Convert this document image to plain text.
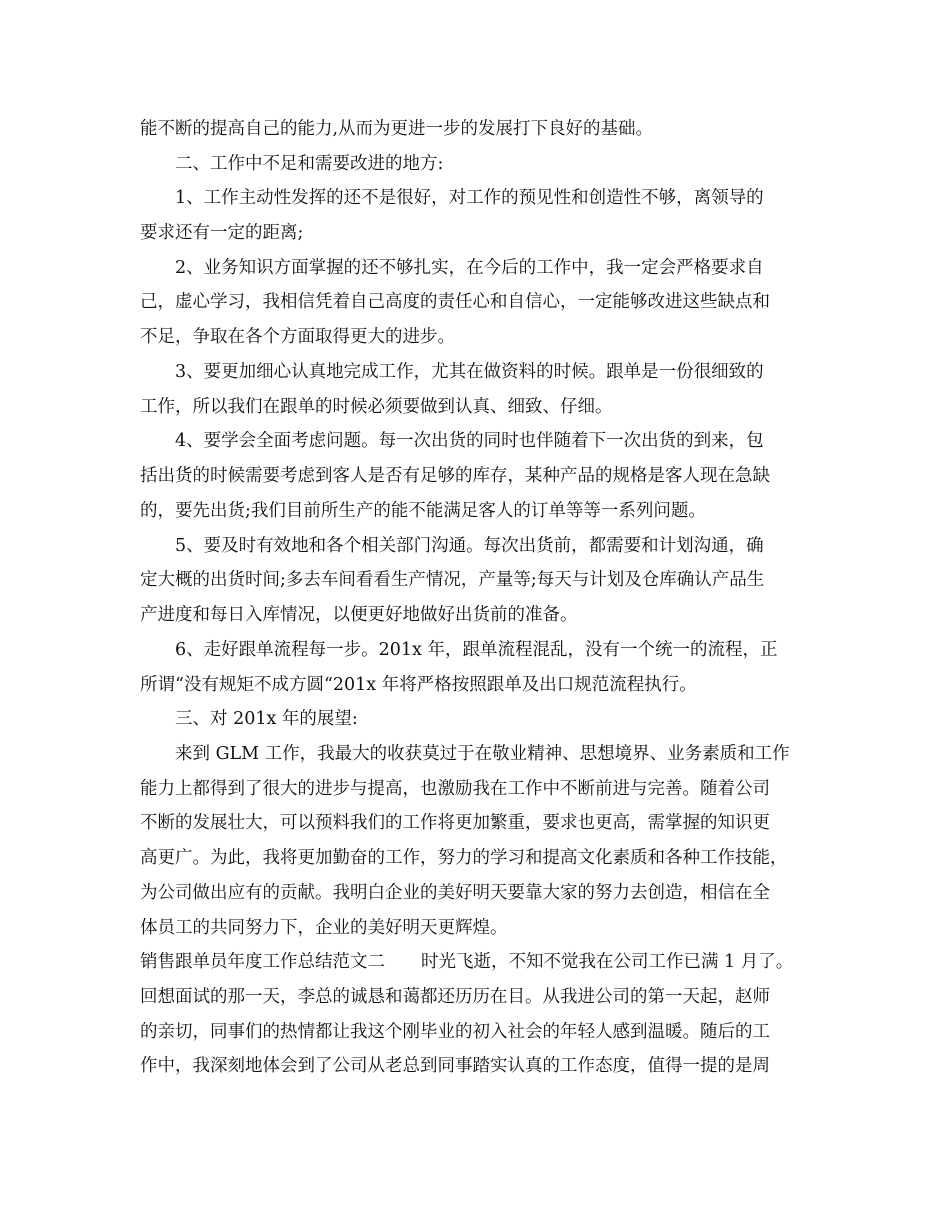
能不断的提高自己的能力,从而为更进一步的发展打下良好的基础。
二、工作中不足和需要改进的地方:
1、工作主动性发挥的还不是很好，对工作的预见性和创造性不够，离领导的
要求还有一定的距离;
2、业务知识方面掌握的还不够扎实，在今后的工作中，我一定会严格要求自
己，虚心学习，我相信凭着自己高度的责任心和自信心，一定能够改进这些缺点和
不足，争取在各个方面取得更大的进步。
3、要更加细心认真地完成工作，尤其在做资料的时候。跟单是一份很细致的
工作，所以我们在跟单的时候必须要做到认真、细致、仔细。
4、要学会全面考虑问题。每一次出货的同时也伴随着下一次出货的到来，包
括出货的时候需要考虑到客人是否有足够的库存，某种产品的规格是客人现在急缺
的，要先出货;我们目前所生产的能不能满足客人的订单等等一系列问题。
5、要及时有效地和各个相关部门沟通。每次出货前，都需要和计划沟通，确
定大概的出货时间;多去车间看看生产情况，产量等;每天与计划及仓库确认产品生
产进度和每日入库情况，以便更好地做好出货前的准备。
6、走好跟单流程每一步。201x 年，跟单流程混乱，没有一个统一的流程，正
所谓“没有规矩不成方圆“201x 年将严格按照跟单及出口规范流程执行。
三、对 201x 年的展望:
来到 GLM 工作，我最大的收获莫过于在敬业精神、思想境界、业务素质和工作
能力上都得到了很大的进步与提高，也激励我在工作中不断前进与完善。随着公司
不断的发展壮大，可以预料我们的工作将更加繁重，要求也更高，需掌握的知识更
高更广。为此，我将更加勤奋的工作，努力的学习和提高文化素质和各种工作技能，
为公司做出应有的贡献。我明白企业的美好明天要靠大家的努力去创造，相信在全
体员工的共同努力下，企业的美好明天更辉煌。
销售跟单员年度工作总结范文二 时光飞逝，不知不觉我在公司工作已满 1 月了。
回想面试的那一天，李总的诚恳和蔼都还历历在目。从我进公司的第一天起，赵师
的亲切，同事们的热情都让我这个刚毕业的初入社会的年轻人感到温暖。随后的工
作中，我深刻地体会到了公司从老总到同事踏实认真的工作态度，值得一提的是周
